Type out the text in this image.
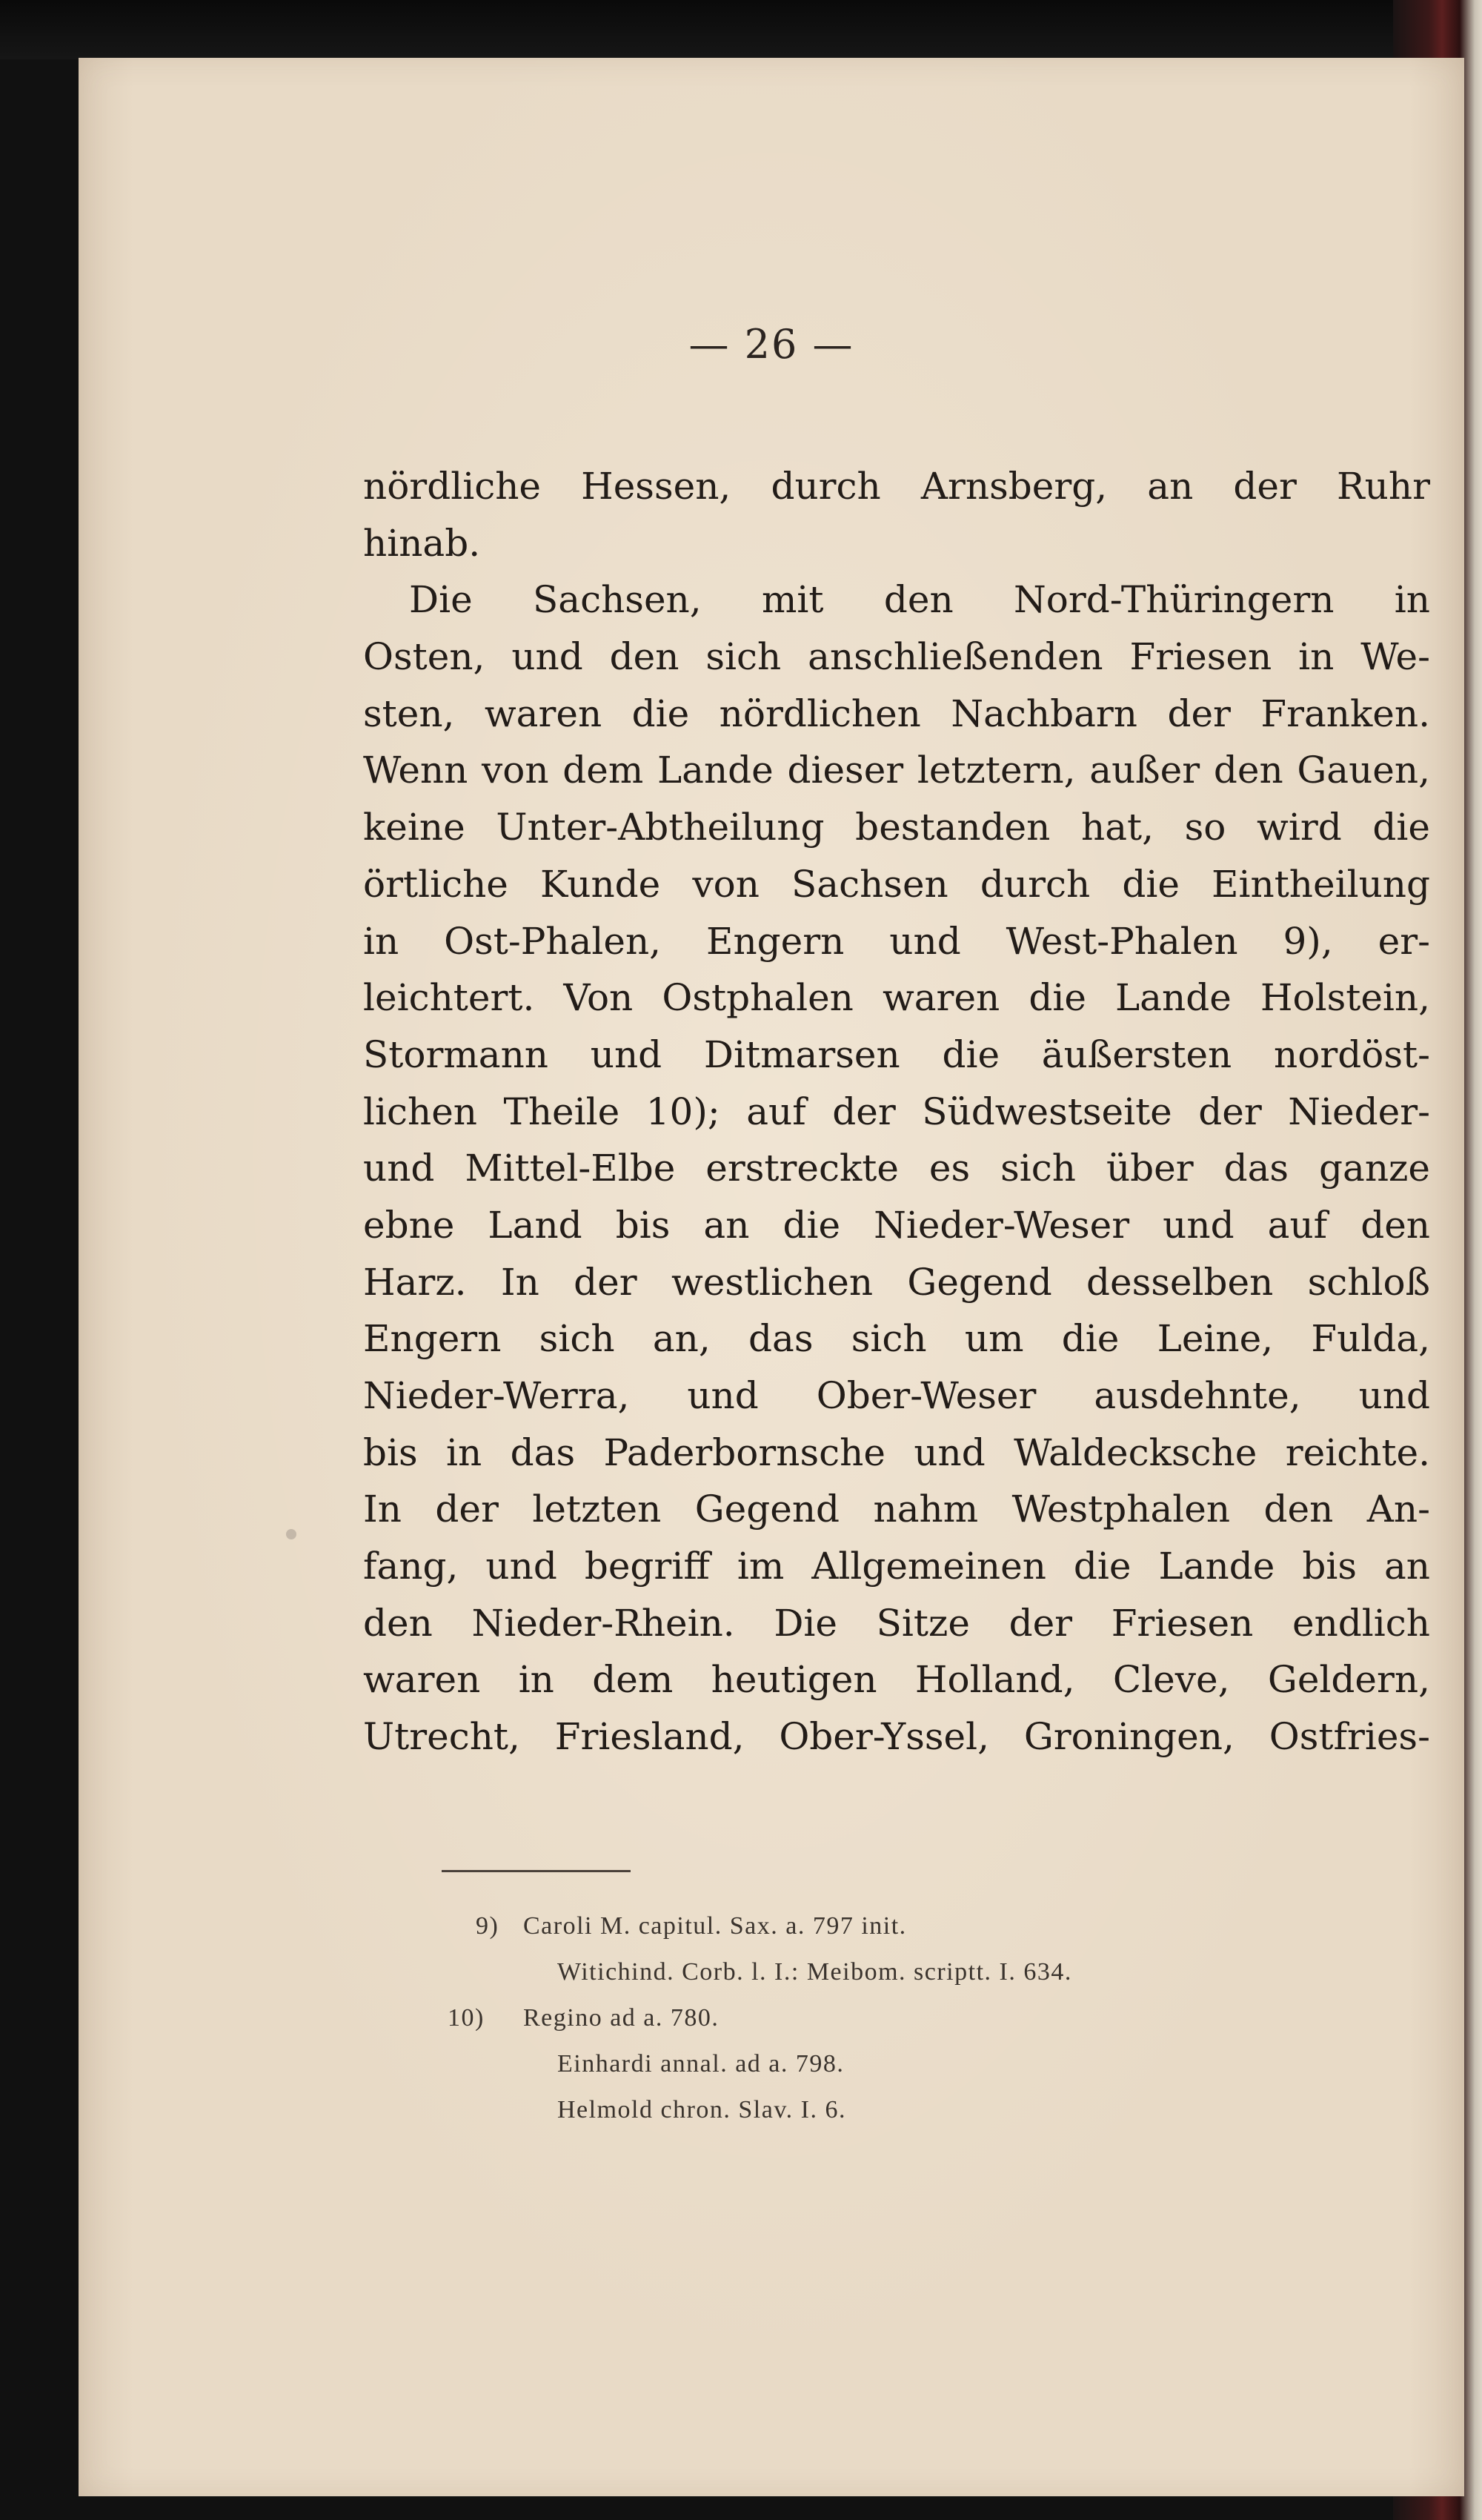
— 26 —
nördliche Hessen, durch Arnsberg, an der Ruhr
hinab.
Die Sachsen, mit den Nord-Thüringern in
Osten, und den sich anschließenden Friesen in We-
sten, waren die nördlichen Nachbarn der Franken.
Wenn von dem Lande dieser letztern, außer den Gauen,
keine Unter-Abtheilung bestanden hat, so wird die
örtliche Kunde von Sachsen durch die Eintheilung
in Ost-Phalen, Engern und West-Phalen 9), er-
leichtert. Von Ostphalen waren die Lande Holstein,
Stormann und Ditmarsen die äußersten nordöst-
lichen Theile 10); auf der Südwestseite der Nieder-
und Mittel-Elbe erstreckte es sich über das ganze
ebne Land bis an die Nieder-Weser und auf den
Harz. In der westlichen Gegend desselben schloß
Engern sich an, das sich um die Leine, Fulda,
Nieder-Werra, und Ober-Weser ausdehnte, und
bis in das Paderbornsche und Waldecksche reichte.
In der letzten Gegend nahm Westphalen den An-
fang, und begriff im Allgemeinen die Lande bis an
den Nieder-Rhein. Die Sitze der Friesen endlich
waren in dem heutigen Holland, Cleve, Geldern,
Utrecht, Friesland, Ober-Yssel, Groningen, Ostfries-
9) Caroli M. capitul. Sax. a. 797 init.
Witichind. Corb. l. I.: Meibom. scriptt. I. 634.
10) Regino ad a. 780.
Einhardi annal. ad a. 798.
Helmold chron. Slav. I. 6.
